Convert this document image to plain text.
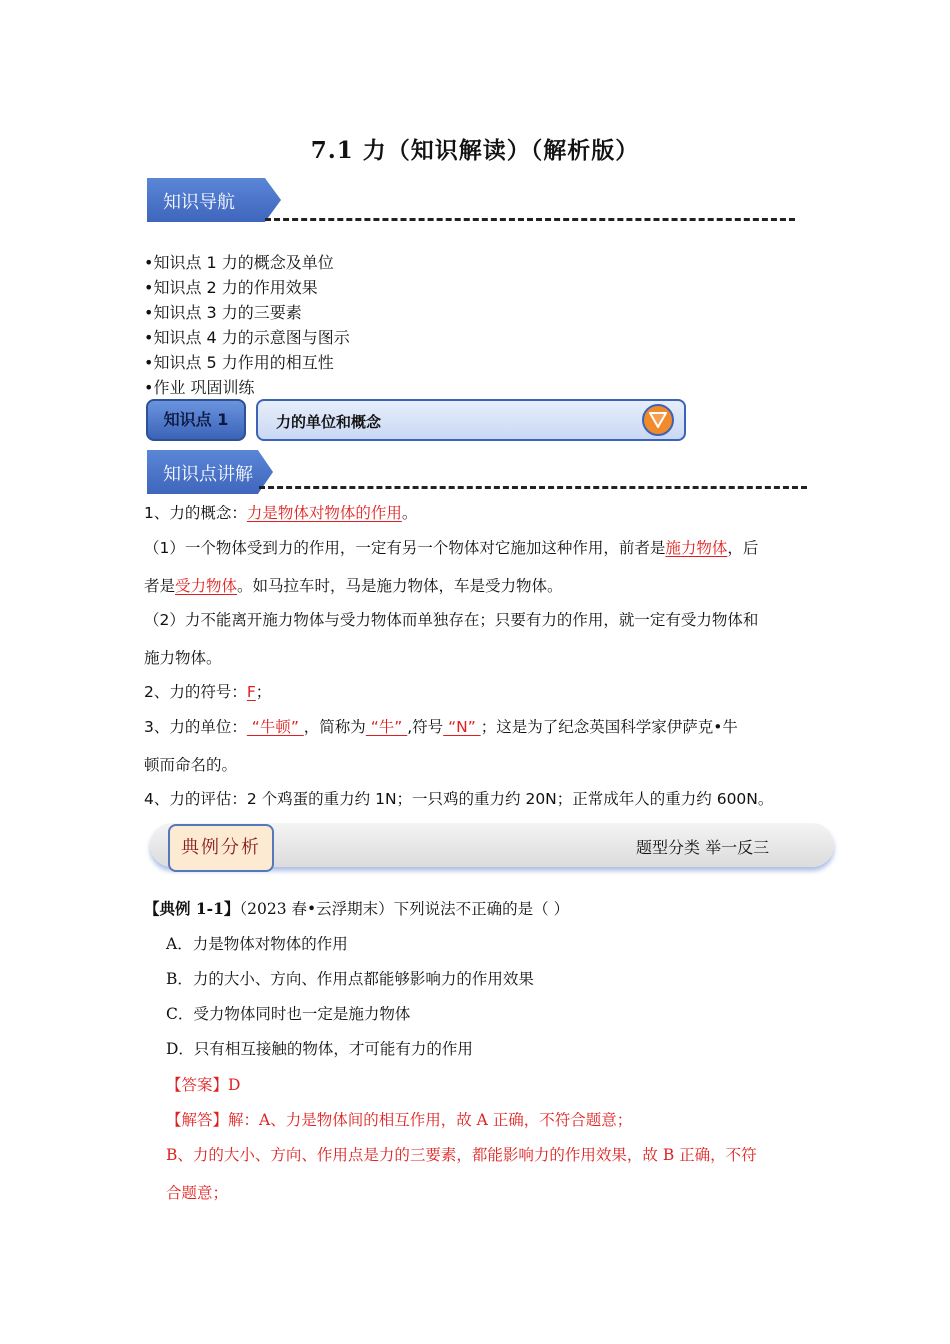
7.1 力（知识解读）（解析版）
知识导航
•知识点 1 力的概念及单位
•知识点 2 力的作用效果
•知识点 3 力的三要素
•知识点 4 力的示意图与图示
•知识点 5 力作用的相互性
•作业 巩固训练
知识点 1	力的单位和概念
知识点讲解
1、力的概念：力是物体对物体的作用。
（1）一个物体受到力的作用，一定有另一个物体对它施加这种作用，前者是施力物体，后
者是受力物体。如马拉车时，马是施力物体，车是受力物体。
（2）力不能离开施力物体与受力物体而单独存在；只要有力的作用，就一定有受力物体和
施力物体。
2、力的符号：F；
3、力的单位： “牛顿” ，简称为 “牛” ,符号 “N” ；这是为了纪念英国科学家伊萨克•牛
顿而命名的。
4、力的评估：2 个鸡蛋的重力约 1N；一只鸡的重力约 20N；正常成年人的重力约 600N。
典例分析	题型分类 举一反三
【典例 1-1】（2023 春•云浮期末）下列说法不正确的是（ ）
A．力是物体对物体的作用
B．力的大小、方向、作用点都能够影响力的作用效果
C．受力物体同时也一定是施力物体
D．只有相互接触的物体，才可能有力的作用
【答案】D
【解答】解：A、力是物体间的相互作用，故 A 正确，不符合题意；
B、力的大小、方向、作用点是力的三要素，都能影响力的作用效果，故 B 正确，不符
合题意；
